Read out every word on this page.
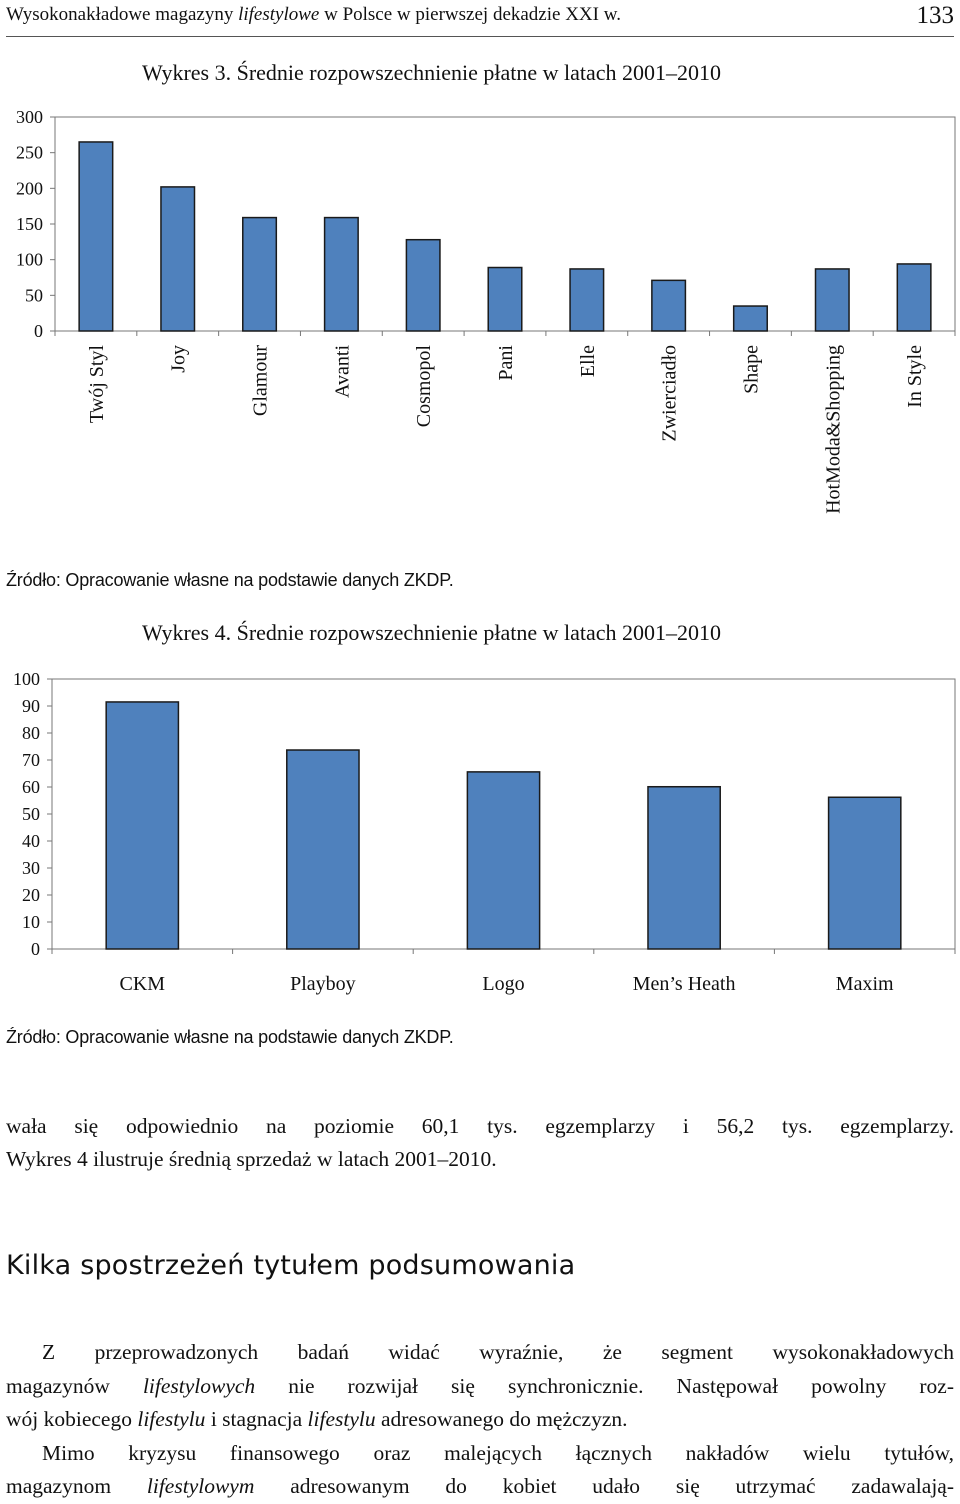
Wysokonakładowe magazyny lifestylowe w Polsce w pierwszej dekadzie XXI w.	133
Wykres 3. Średnie rozpowszechnienie płatne w latach 2001–2010
0
50
100
150
200
250
300
Twój Styl	Joy	Glamour	Avanti	Cosmopol	Pani	Elle	Zwierciadło	Shape	HotModa&Shopping	In Style
Źródło: Opracowanie własne na podstawie danych ZKDP.
Wykres 4. Średnie rozpowszechnienie płatne w latach 2001–2010
0
10
20
30
40
50
60
70
80
90
100
CKM	Playboy	Logo	Men’s Heath	Maxim
Źródło: Opracowanie własne na podstawie danych ZKDP.
wała się odpowiednio na poziomie 60,1 tys. egzemplarzy i 56,2 tys. egzemplarzy.
Wykres 4 ilustruje średnią sprzedaż w latach 2001–2010.
Kilka spostrzeżeń tytułem podsumowania
Z przeprowadzonych badań widać wyraźnie, że segment wysokonakładowych
magazynów lifestylowych nie rozwijał się synchronicznie. Następował powolny roz-
wój kobiecego lifestylu i stagnacja lifestylu adresowanego do mężczyzn.
Mimo kryzysu finansowego oraz malejących łącznych nakładów wielu tytułów,
magazynom lifestylowym adresowanym do kobiet udało się utrzymać zadawalają-
